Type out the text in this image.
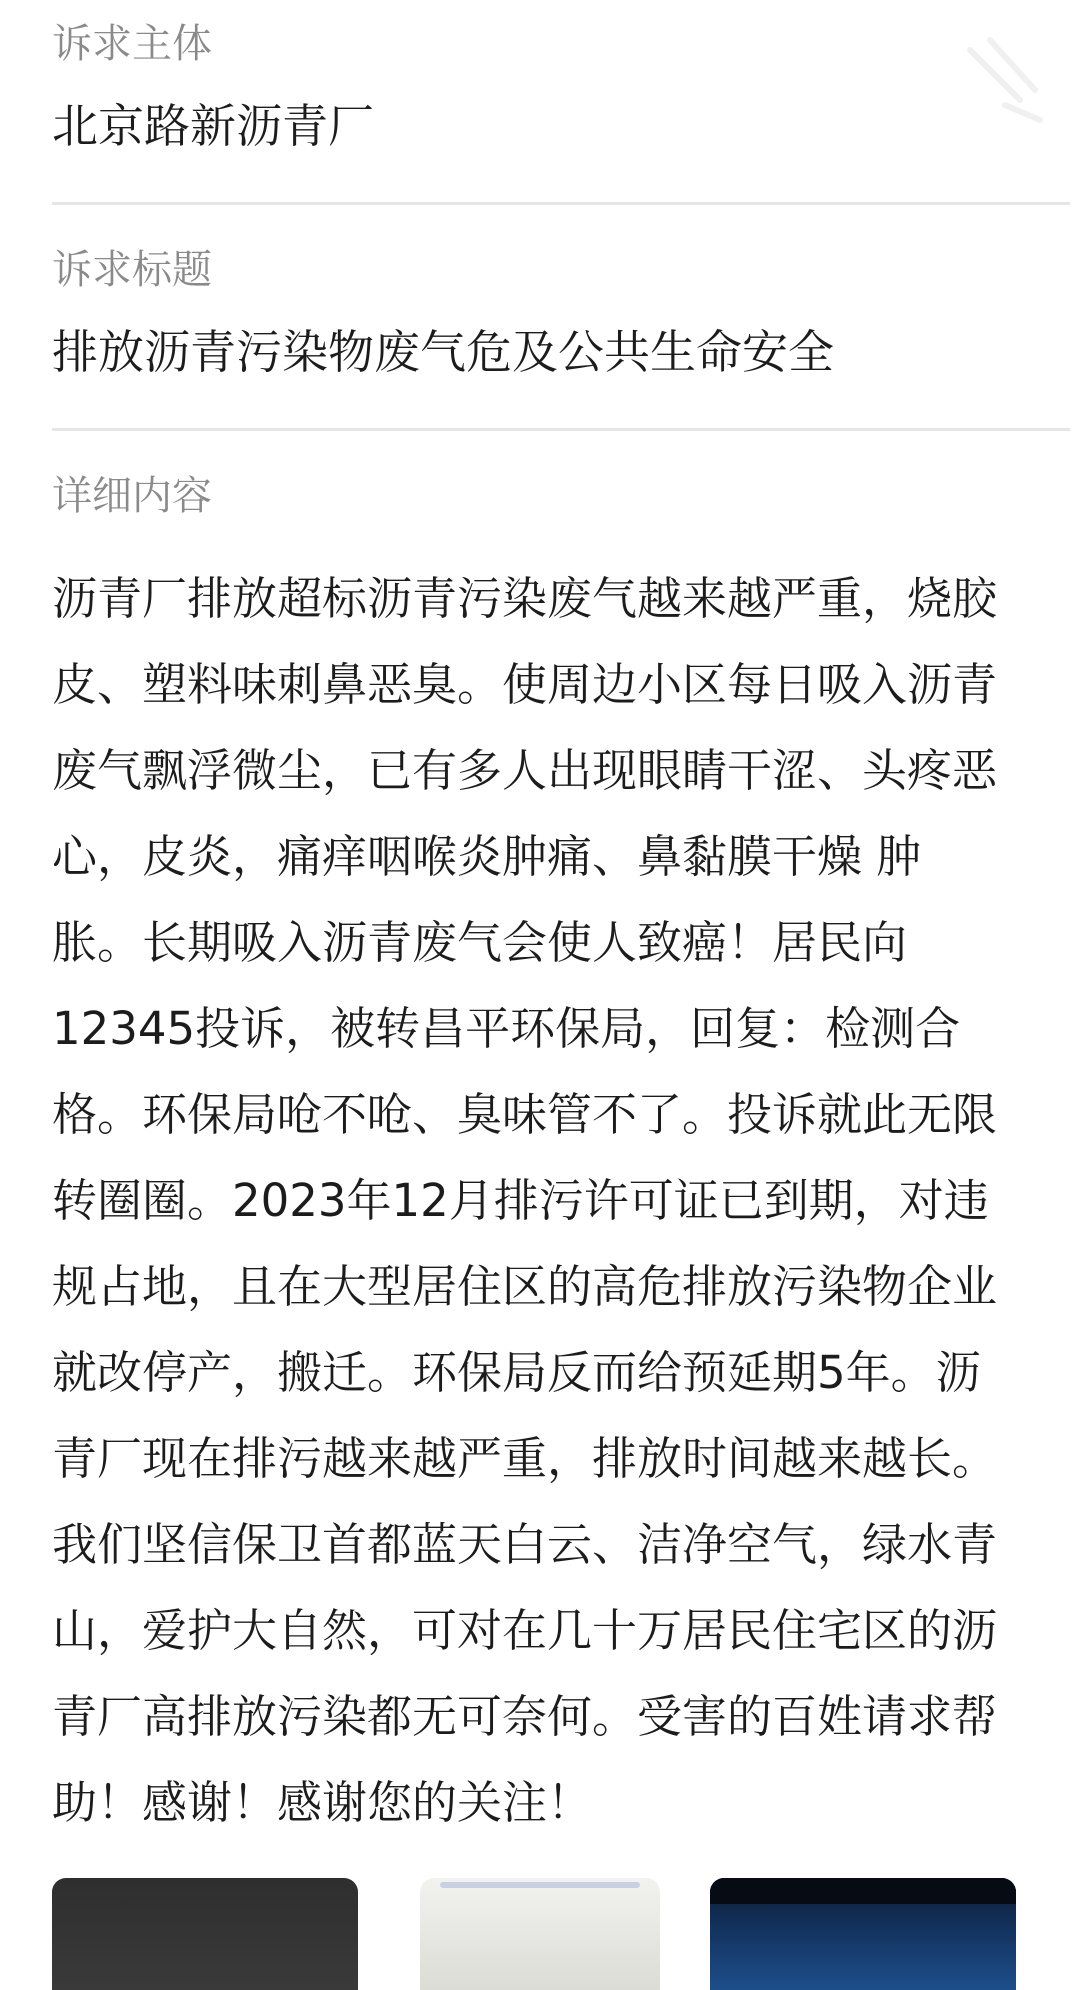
诉求主体
北京路新沥青厂
诉求标题
排放沥青污染物废气危及公共生命安全
详细内容
沥青厂排放超标沥青污染废气越来越严重，烧胶
皮、塑料味刺鼻恶臭。使周边小区每日吸入沥青
废气飘浮微尘，已有多人出现眼睛干涩、头疼恶
心，皮炎，痛痒咽喉炎肿痛、鼻黏膜干燥 肿
胀。长期吸入沥青废气会使人致癌！居民向
12345投诉，被转昌平环保局，回复：检测合
格。环保局呛不呛、臭味管不了。投诉就此无限
转圈圈。2023年12月排污许可证已到期，对违
规占地，且在大型居住区的高危排放污染物企业
就改停产，搬迁。环保局反而给预延期5年。沥
青厂现在排污越来越严重，排放时间越来越长。
我们坚信保卫首都蓝天白云、洁净空气，绿水青
山，爱护大自然，可对在几十万居民住宅区的沥
青厂高排放污染都无可奈何。受害的百姓请求帮
助！感谢！感谢您的关注！
